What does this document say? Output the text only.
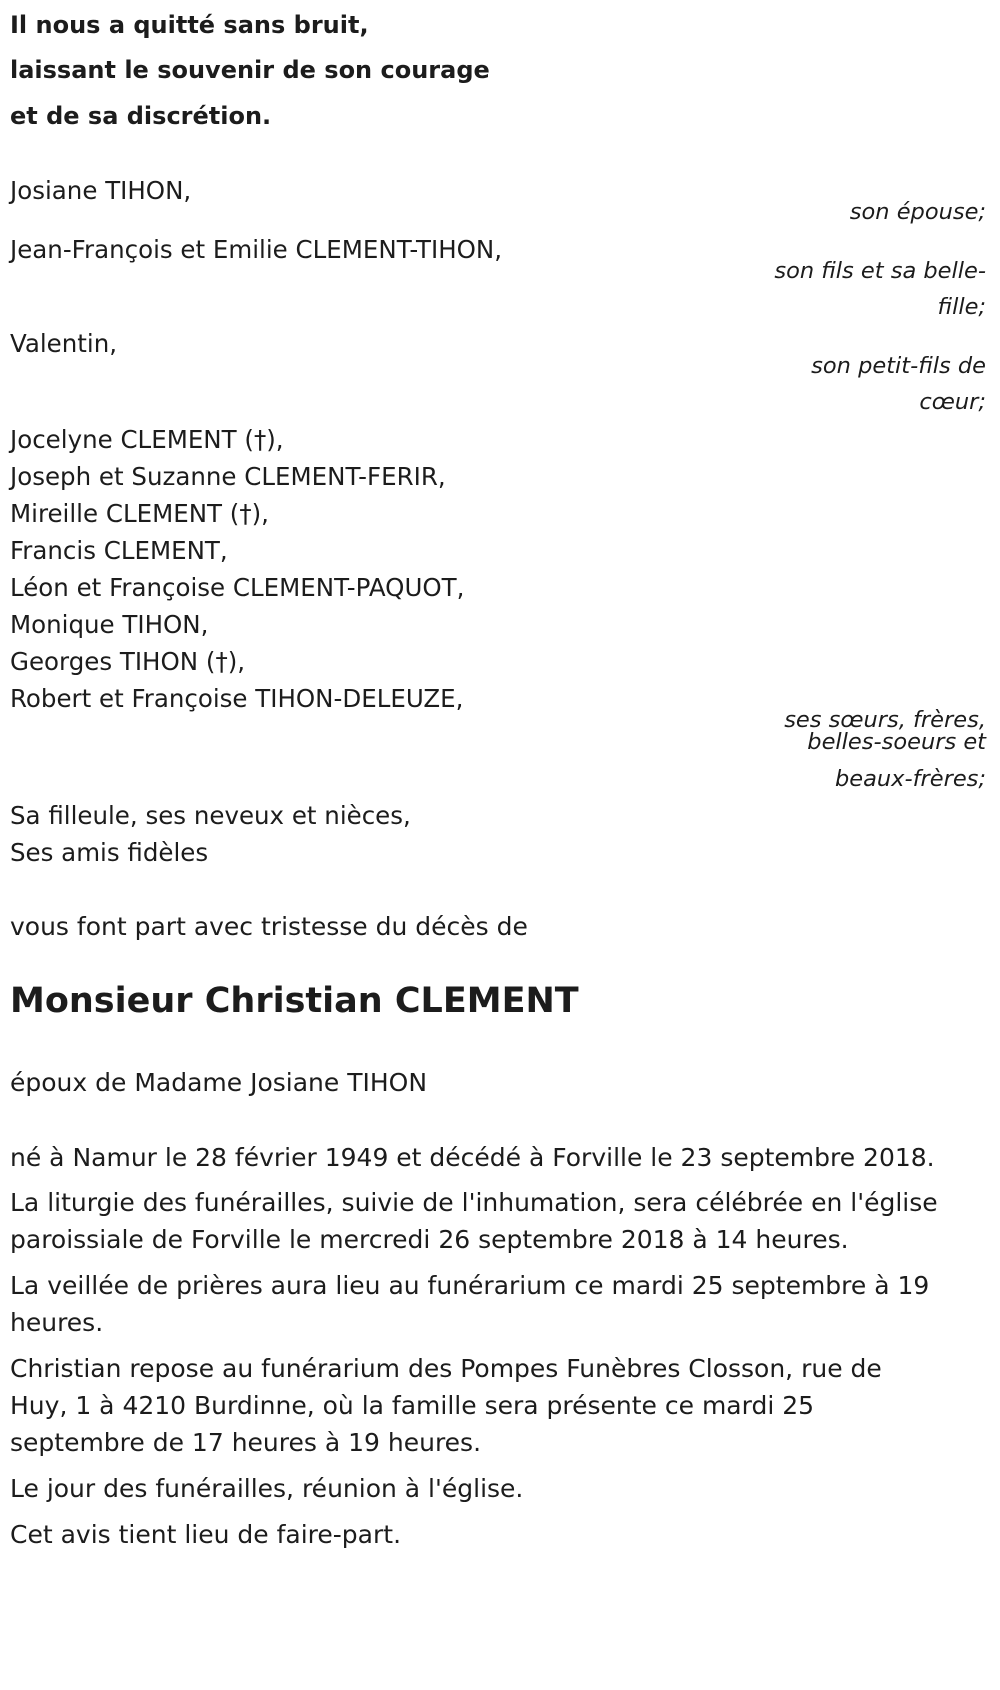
Il nous a quitté sans bruit,

laissant le souvenir de son courage

et de sa discrétion.

Josiane TIHON,

son épouse;

Jean-François et Emilie CLEMENT-TIHON,

son fils et sa belle-

fille;

Valentin,

son petit-fils de

cœur;

Jocelyne CLEMENT (†),

Joseph et Suzanne CLEMENT-FERIR,

Mireille CLEMENT (†),

Francis CLEMENT,

Léon et Françoise CLEMENT-PAQUOT,

Monique TIHON,

Georges TIHON (†),

Robert et Françoise TIHON-DELEUZE,

ses sœurs, frères,

belles-soeurs et

beaux-frères;

Sa filleule, ses neveux et nièces,

Ses amis fidèles

vous font part avec tristesse du décès de

Monsieur Christian CLEMENT

époux de Madame Josiane TIHON

né à Namur le 28 février 1949 et décédé à Forville le 23 septembre 2018.

La liturgie des funérailles, suivie de l'inhumation, sera célébrée en l'église

paroissiale de Forville le mercredi 26 septembre 2018 à 14 heures.

La veillée de prières aura lieu au funérarium ce mardi 25 septembre à 19

heures.

Christian repose au funérarium des Pompes Funèbres Closson, rue de

Huy, 1 à 4210 Burdinne, où la famille sera présente ce mardi 25

septembre de 17 heures à 19 heures.

Le jour des funérailles, réunion à l'église.

Cet avis tient lieu de faire-part.
